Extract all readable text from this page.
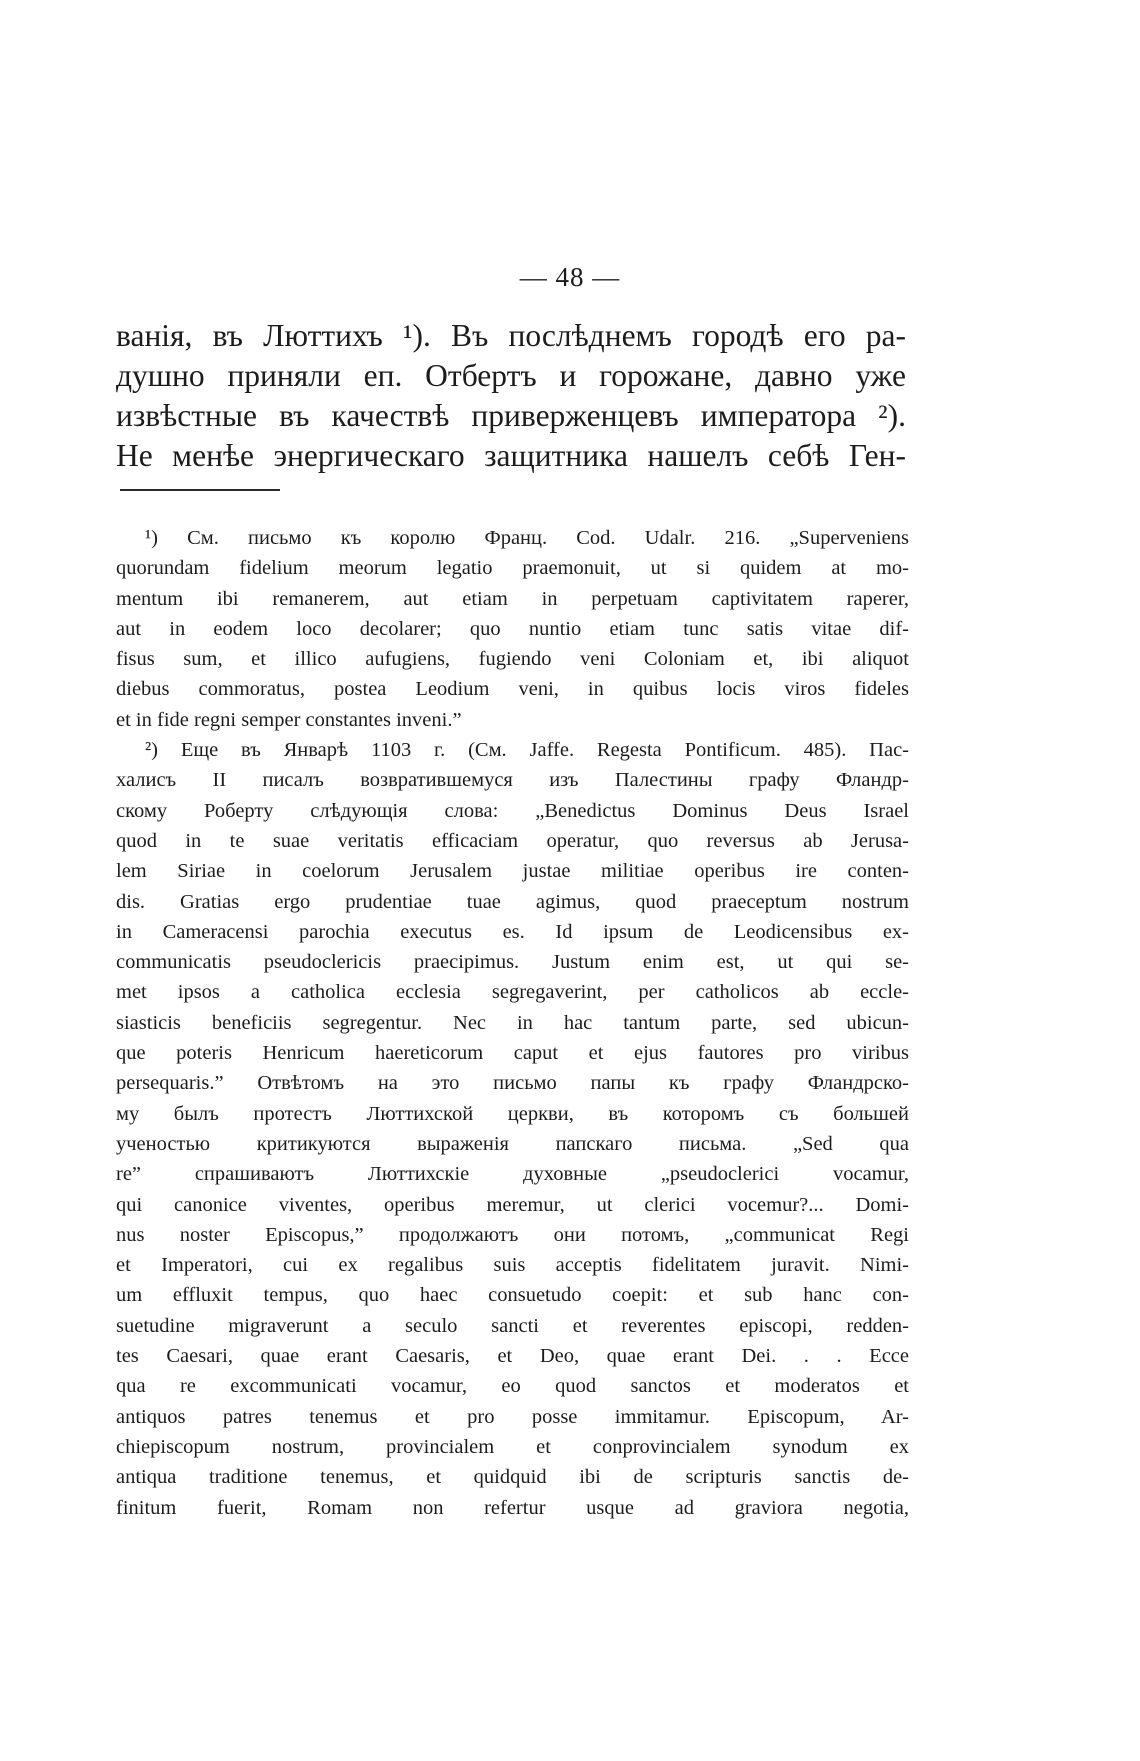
— 48 —
ванія, въ Люттихъ ¹). Въ послѣднемъ городѣ его ра-
душно приняли еп. Отбертъ и горожане, давно уже
извѣстные въ качествѣ приверженцевъ императора ²).
Не менѣе энергическаго защитника нашелъ себѣ Ген-
¹) См. письмо къ королю Франц. Cod. Udalr. 216. „Superveniens
quorundam fidelium meorum legatio praemonuit, ut si quidem at mo-
mentum ibi remanerem, aut etiam in perpetuam captivitatem raperer,
aut in eodem loco decolarer; quo nuntio etiam tunc satis vitae dif-
fisus sum, et illico aufugiens, fugiendo veni Coloniam et, ibi aliquot
diebus commoratus, postea Leodium veni, in quibus locis viros fideles
et in fide regni semper constantes inveni.”
²) Еще въ Январѣ 1103 г. (См. Jaffe. Regesta Pontificum. 485). Пас-
халисъ II писалъ возвратившемуся изъ Палестины графу Фландр-
скому Роберту слѣдующія слова: „Benedictus Dominus Deus Israel
quod in te suae veritatis efficaciam operatur, quo reversus ab Jerusa-
lem Siriae in coelorum Jerusalem justae militiae operibus ire conten-
dis. Gratias ergo prudentiae tuae agimus, quod praeceptum nostrum
in Cameracensi parochia executus es. Id ipsum de Leodicensibus ex-
communicatis pseudoclericis praecipimus. Justum enim est, ut qui se-
met ipsos a catholica ecclesia segregaverint, per catholicos ab eccle-
siasticis beneficiis segregentur. Nec in hac tantum parte, sed ubicun-
que poteris Henricum haereticorum caput et ejus fautores pro viribus
persequaris.” Отвѣтомъ на это письмо папы къ графу Фландрско-
му былъ протестъ Люттихской церкви, въ которомъ съ большей
ученостью критикуются выраженія папскаго письма. „Sed qua
re” спрашиваютъ Люттихскіе духовные „pseudoclerici vocamur,
qui canonice viventes, operibus meremur, ut clerici vocemur?... Domi-
nus noster Episcopus,” продолжаютъ они потомъ, „communicat Regi
et Imperatori, cui ex regalibus suis acceptis fidelitatem juravit. Nimi-
um effluxit tempus, quo haec consuetudo coepit: et sub hanc con-
suetudine migraverunt a seculo sancti et reverentes episcopi, redden-
tes Caesari, quae erant Caesaris, et Deo, quae erant Dei. . . Ecce
qua re excommunicati vocamur, eo quod sanctos et moderatos et
antiquos patres tenemus et pro posse immitamur. Episcopum, Ar-
chiepiscopum nostrum, provincialem et conprovincialem synodum ex
antiqua traditione tenemus, et quidquid ibi de scripturis sanctis de-
finitum fuerit, Romam non refertur usque ad graviora negotia,
